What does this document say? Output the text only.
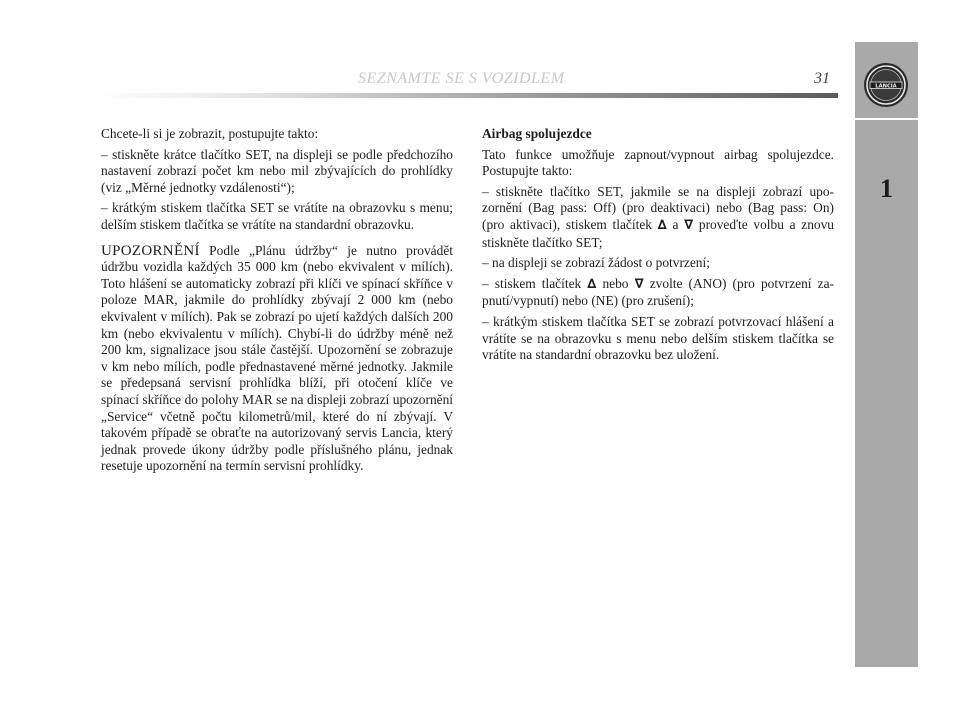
SEZNAMTE SE S VOZIDLEM	31	LANCIA
1

Chcete-li si je zobrazit, postupujte takto:

– stiskněte krátce tlačítko SET, na displeji se podle předchozího nastavení zobrazí počet km nebo mil zbývajících do prohlídky (viz „Měrné jednotky vzdálenosti“);

– krátkým stiskem tlačítka SET se vrátíte na obrazovku s menu; delším stiskem tlačítka se vrátíte na standardní obrazovku.

UPOZORNĚNÍ Podle „Plánu údržby“ je nutno provádět údržbu vozidla každých 35 000 km (nebo ekvivalent v mílích). Toto hlášení se automaticky zobrazí při klíči ve spínací skříňce v poloze MAR, jakmile do prohlídky zbývají 2 000 km (nebo ekvivalent v mílích). Pak se zobrazí po ujetí každých dalších 200 km (nebo ekvivalentu v mílích). Chybí-li do údržby méně než 200 km, signalizace jsou stále častější. Upozornění se zobrazuje v km nebo mílích, podle přednastavené měrné jednotky. Jakmile se předepsaná servisní prohlídka blíží, při otočení klíče ve spínací skříňce do polohy MAR se na displeji zobrazí upozornění „Service“ včetně počtu kilometrů/mil, které do ní zbývají. V takovém případě se obraťte na autorizovaný servis Lancia, který jednak provede úkony údržby podle příslušného plánu, jednak resetuje upozornění na termín servisní prohlídky.

Airbag spolujezdce

Tato funkce umožňuje zapnout/vypnout airbag spolujezdce. Postupujte takto:

– stiskněte tlačítko SET, jakmile se na displeji zobrazí upozornění (Bag pass: Off) (pro deaktivaci) nebo (Bag pass: On) (pro aktivaci), stiskem tlačítek ∆ a ∇ proveďte volbu a znovu stiskněte tlačítko SET;

– na displeji se zobrazí žádost o potvrzení;

– stiskem tlačítek ∆ nebo ∇ zvolte (ANO) (pro potvrzení zapnutí/vypnutí) nebo (NE) (pro zrušení);

– krátkým stiskem tlačítka SET se zobrazí potvrzovací hlášení a vrátíte se na obrazovku s menu nebo delším stiskem tlačítka se vrátíte na standardní obrazovku bez uložení.
